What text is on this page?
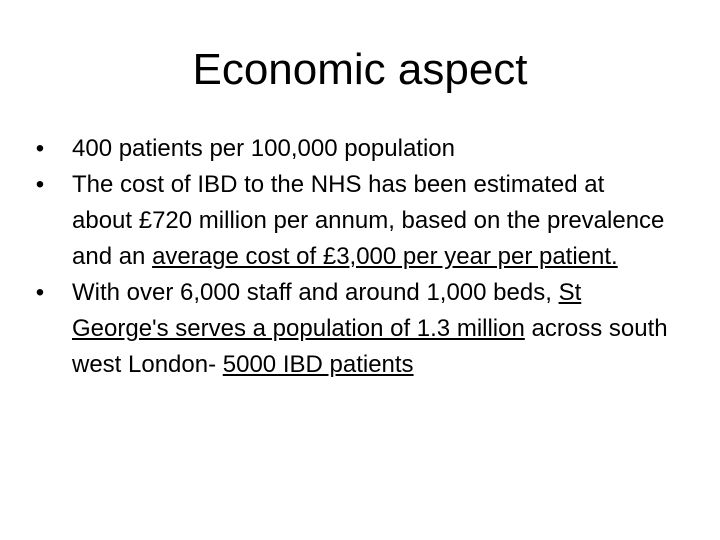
Economic aspect
• 400 patients per 100,000 population
• The cost of IBD to the NHS has been estimated at about £720 million per annum, based on the prevalence and an average cost of £3,000 per year per patient.
• With over 6,000 staff and around 1,000 beds, St George's serves a population of 1.3 million across south west London- 5000 IBD patients
